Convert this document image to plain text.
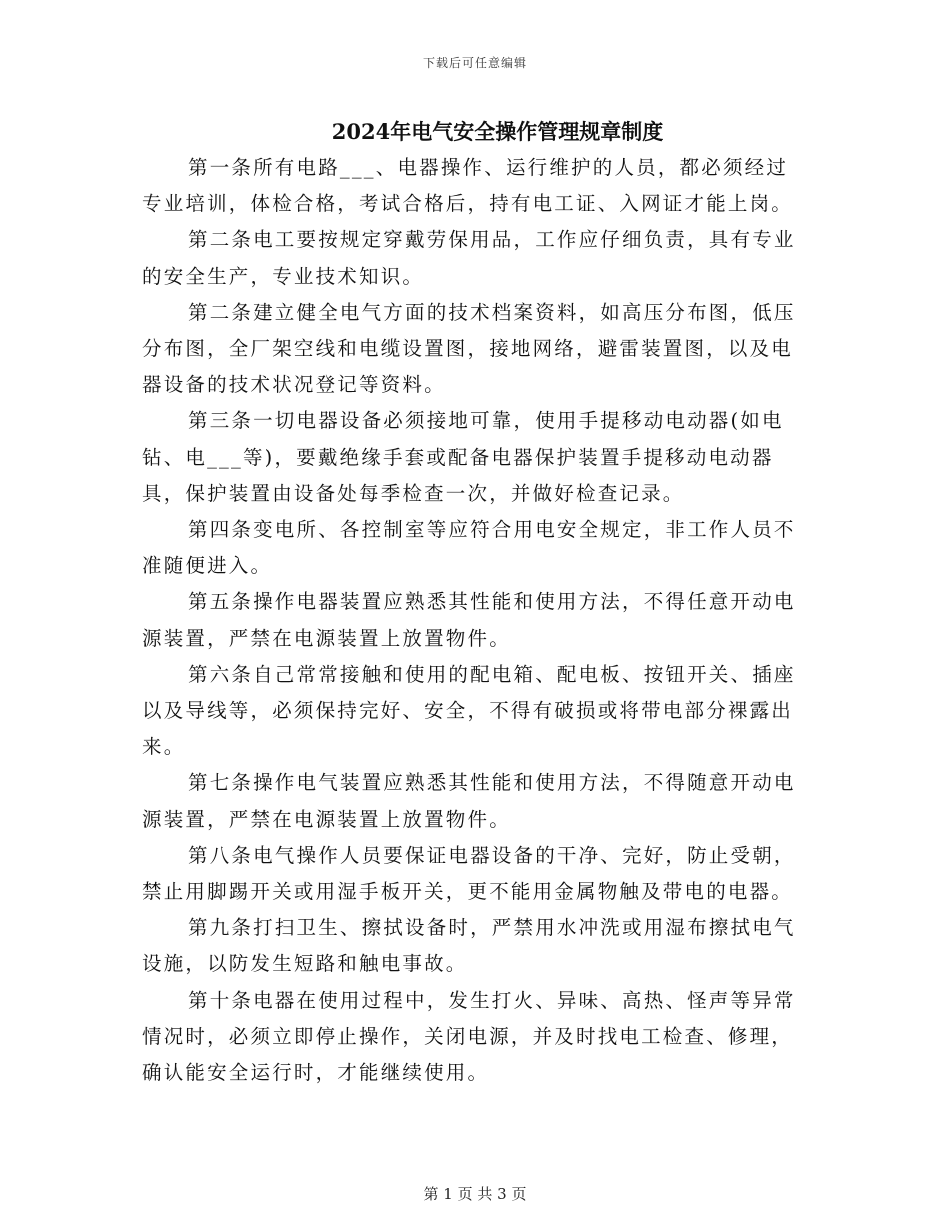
下载后可任意编辑
2024年电气安全操作管理规章制度

第一条所有电路___、电器操作、运行维护的人员，都必须经过专业培训，体检合格，考试合格后，持有电工证、入网证才能上岗。

第二条电工要按规定穿戴劳保用品，工作应仔细负责，具有专业的安全生产，专业技术知识。

第二条建立健全电气方面的技术档案资料，如高压分布图，低压分布图，全厂架空线和电缆设置图，接地网络，避雷装置图，以及电器设备的技术状况登记等资料。

第三条一切电器设备必须接地可靠，使用手提移动电动器(如电钻、电___等)，要戴绝缘手套或配备电器保护装置手提移动电动器具，保护装置由设备处每季检查一次，并做好检查记录。

第四条变电所、各控制室等应符合用电安全规定，非工作人员不准随便进入。

第五条操作电器装置应熟悉其性能和使用方法，不得任意开动电源装置，严禁在电源装置上放置物件。

第六条自己常常接触和使用的配电箱、配电板、按钮开关、插座以及导线等，必须保持完好、安全，不得有破损或将带电部分裸露出来。

第七条操作电气装置应熟悉其性能和使用方法，不得随意开动电源装置，严禁在电源装置上放置物件。

第八条电气操作人员要保证电器设备的干净、完好，防止受朝，禁止用脚踢开关或用湿手板开关，更不能用金属物触及带电的电器。

第九条打扫卫生、擦拭设备时，严禁用水冲洗或用湿布擦拭电气设施，以防发生短路和触电事故。

第十条电器在使用过程中，发生打火、异味、高热、怪声等异常情况时，必须立即停止操作，关闭电源，并及时找电工检查、修理，确认能安全运行时，才能继续使用。

第 1 页 共 3 页
